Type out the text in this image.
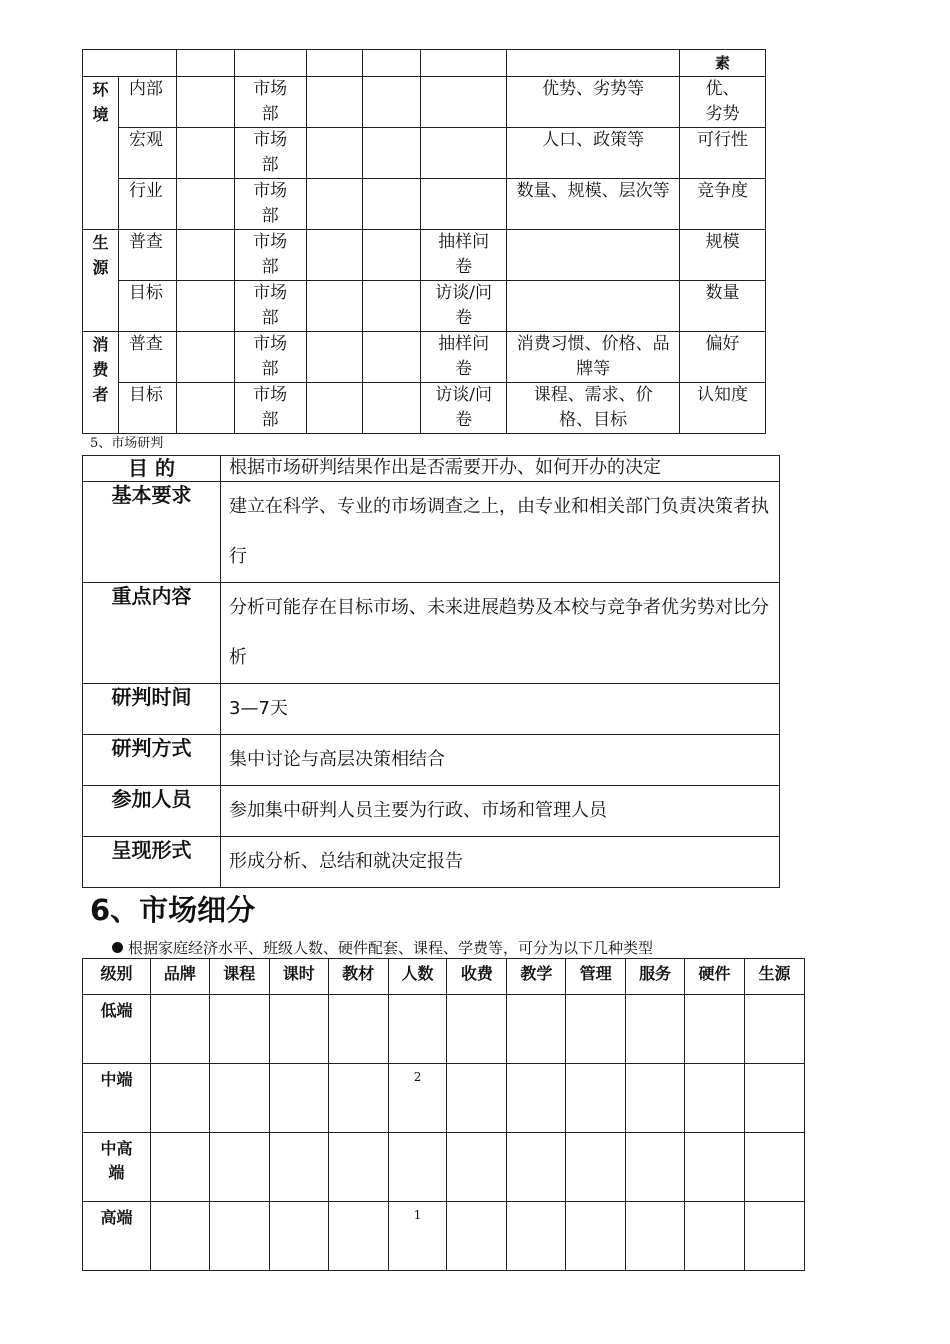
								素

环境	内部		市场部				优势、劣势等	优、劣势

	宏观		市场部				人口、政策等	可行性
	行业		市场部				数量、规模、层次等	竞争度

生源	普查		市场部			抽样问卷		规模
	目标		市场部			访谈/问卷		数量

消费者	普查		市场部			抽样问卷	消费习惯、价格、品牌等	偏好
	目标		市场部			访谈/问卷	课程、需求、价格、目标	认知度
5、市场研判
目 的	根据市场研判结果作出是否需要开办、如何开办的决定
基本要求	建立在科学、专业的市场调查之上，由专业和相关部门负责决策者执行

重点内容	分析可能存在目标市场、未来进展趋势及本校与竞争者优劣势对比分析

研判时间	3—7天
研判方式	集中讨论与高层决策相结合
参加人员	参加集中研判人员主要为行政、市场和管理人员
呈现形式	形成分析、总结和就决定报告
6、市场细分
根据家庭经济水平、班级人数、硬件配套、课程、学费等，可分为以下几种类型
级别	品牌	课程	课时	教材	人数	收费	教学	管理	服务	硬件	生源
低端											
中端					2						

中高端											

高端					1						
